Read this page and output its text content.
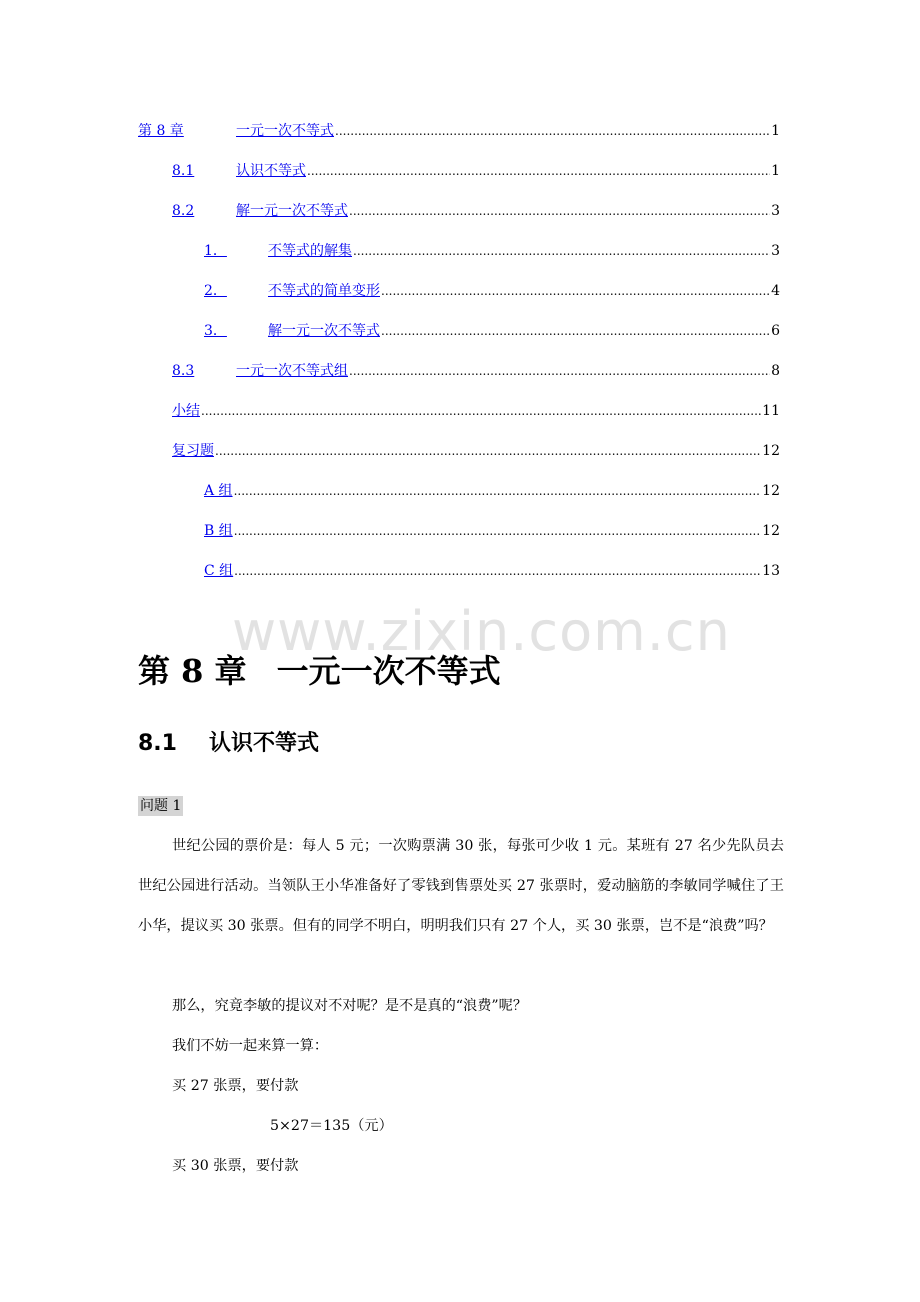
第 8 章	一元一次不等式 .....	1
8.1	认识不等式 .....	1
8.2	解一元一次不等式 .....	3
1．	不等式的解集 .....	3
2．	不等式的简单变形 .....	4
3．	解一元一次不等式 .....	6
8.3	一元一次不等式组 .....	8
小结 .....	11
复习题 .....	12
A 组 .....	12
B 组 .....	12
C 组 .....	13
www.zixin.com.cn
第 8 章 一元一次不等式
8.1 认识不等式
问题 1
世纪公园的票价是：每人 5 元；一次购票满 30 张，每张可少收 1 元。某班有 27 名少先队员去世纪公园进行活动。当领队王小华准备好了零钱到售票处买 27 张票时，爱动脑筋的李敏同学喊住了王小华，提议买 30 张票。但有的同学不明白，明明我们只有 27 个人，买 30 张票，岂不是“浪费”吗？
那么，究竟李敏的提议对不对呢？是不是真的“浪费”呢？
我们不妨一起来算一算：
买 27 张票，要付款
5×27＝135（元）
买 30 张票，要付款
